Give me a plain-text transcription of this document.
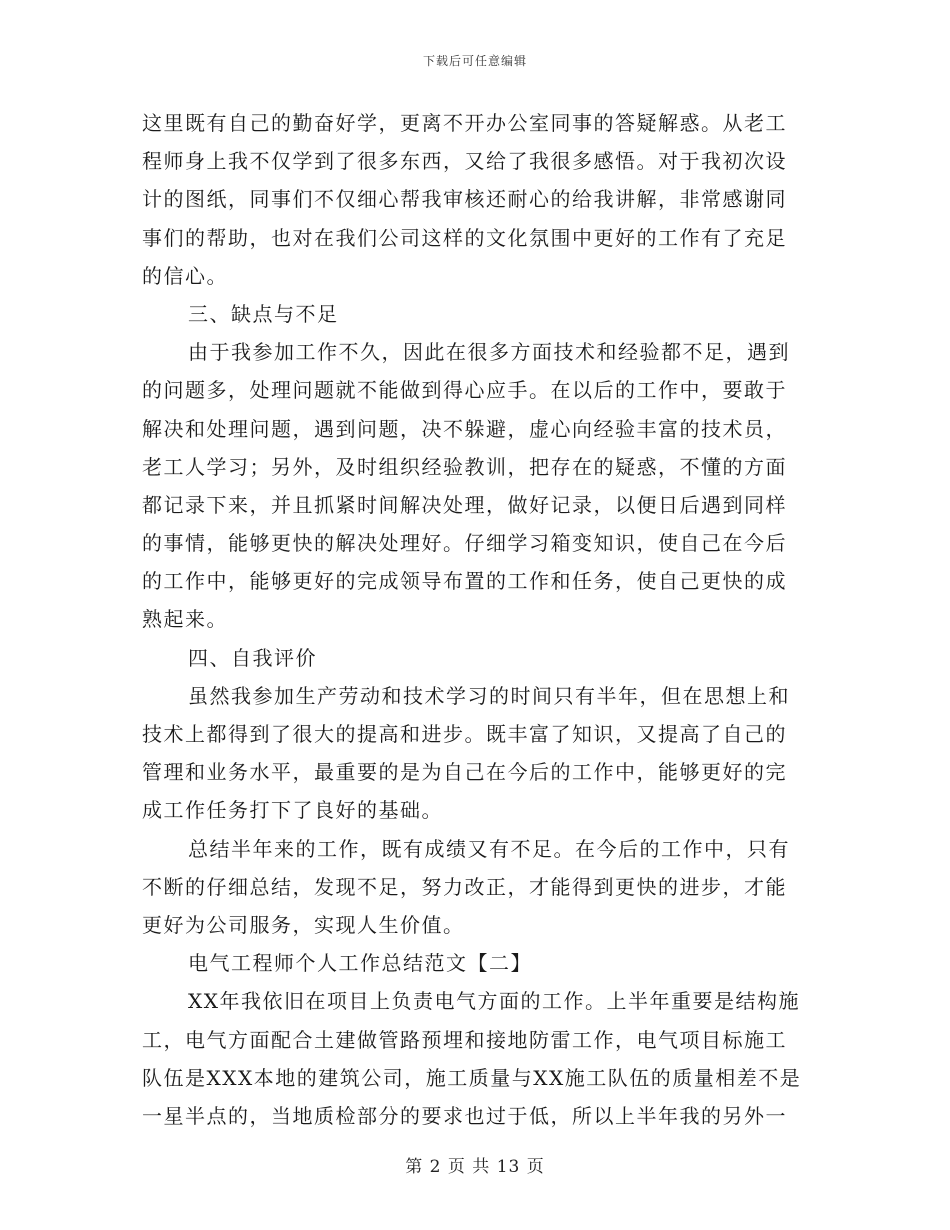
下载后可任意编辑
这里既有自己的勤奋好学，更离不开办公室同事的答疑解惑。从老工
程师身上我不仅学到了很多东西，又给了我很多感悟。对于我初次设
计的图纸，同事们不仅细心帮我审核还耐心的给我讲解，非常感谢同
事们的帮助，也对在我们公司这样的文化氛围中更好的工作有了充足
的信心。
三、缺点与不足
由于我参加工作不久，因此在很多方面技术和经验都不足，遇到
的问题多，处理问题就不能做到得心应手。在以后的工作中，要敢于
解决和处理问题，遇到问题，决不躲避，虚心向经验丰富的技术员，
老工人学习；另外，及时组织经验教训，把存在的疑惑，不懂的方面
都记录下来，并且抓紧时间解决处理，做好记录，以便日后遇到同样
的事情，能够更快的解决处理好。仔细学习箱变知识，使自己在今后
的工作中，能够更好的完成领导布置的工作和任务，使自己更快的成
熟起来。
四、自我评价
虽然我参加生产劳动和技术学习的时间只有半年，但在思想上和
技术上都得到了很大的提高和进步。既丰富了知识，又提高了自己的
管理和业务水平，最重要的是为自己在今后的工作中，能够更好的完
成工作任务打下了良好的基础。
总结半年来的工作，既有成绩又有不足。在今后的工作中，只有
不断的仔细总结，发现不足，努力改正，才能得到更快的进步，才能
更好为公司服务，实现人生价值。
电气工程师个人工作总结范文【二】
XX年我依旧在项目上负责电气方面的工作。上半年重要是结构施
工，电气方面配合土建做管路预埋和接地防雷工作，电气项目标施工
队伍是XXX本地的建筑公司，施工质量与XX施工队伍的质量相差不是
一星半点的，当地质检部分的要求也过于低，所以上半年我的另外一
第 2 页 共 13 页
